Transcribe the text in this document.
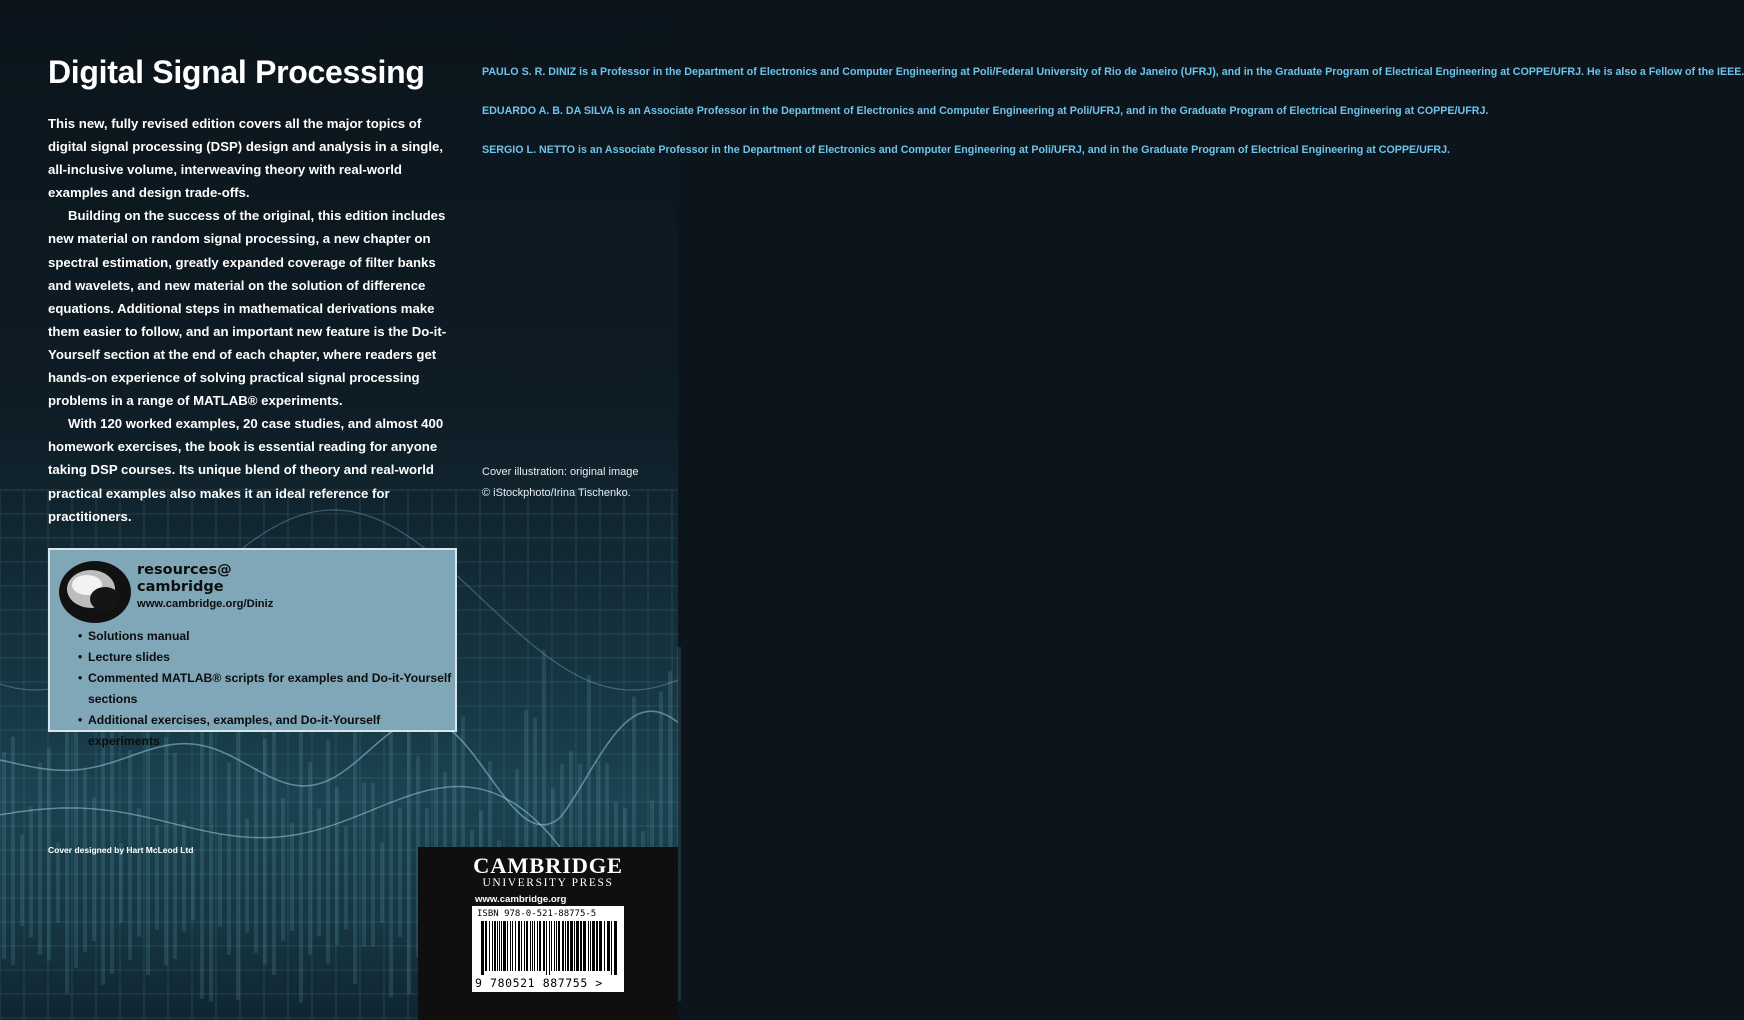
Digital Signal Processing

This new, fully revised edition covers all the major topics of digital signal processing (DSP) design and analysis in a single, all-inclusive volume, interweaving theory with real-world examples and design trade-offs.

Building on the success of the original, this edition includes new material on random signal processing, a new chapter on spectral estimation, greatly expanded coverage of filter banks and wavelets, and new material on the solution of difference equations. Additional steps in mathematical derivations make them easier to follow, and an important new feature is the Do-it-Yourself section at the end of each chapter, where readers get hands-on experience of solving practical signal processing problems in a range of MATLAB® experiments.

With 120 worked examples, 20 case studies, and almost 400 homework exercises, the book is essential reading for anyone taking DSP courses. Its unique blend of theory and real-world practical examples also makes it an ideal reference for practitioners.

PAULO S. R. DINIZ is a Professor in the Department of Electronics and Computer Engineering at Poli/Federal University of Rio de Janeiro (UFRJ), and in the Graduate Program of Electrical Engineering at COPPE/UFRJ. He is also a Fellow of the IEEE.

EDUARDO A. B. DA SILVA is an Associate Professor in the Department of Electronics and Computer Engineering at Poli/UFRJ, and in the Graduate Program of Electrical Engineering at COPPE/UFRJ.

SERGIO L. NETTO is an Associate Professor in the Department of Electronics and Computer Engineering at Poli/UFRJ, and in the Graduate Program of Electrical Engineering at COPPE/UFRJ.

Cover illustration: original image
© iStockphoto/Irina Tischenko.
resources@
cambridge
www.cambridge.org/Diniz
• Solutions manual
• Lecture slides
• Commented MATLAB® scripts for examples and Do-it-Yourself sections
• Additional exercises, examples, and Do-it-Yourself experiments
Cover designed by Hart McLeod Ltd
CAMBRIDGE
UNIVERSITY PRESS
www.cambridge.org
ISBN 978-0-521-88775-5
9 780521 887755 >
